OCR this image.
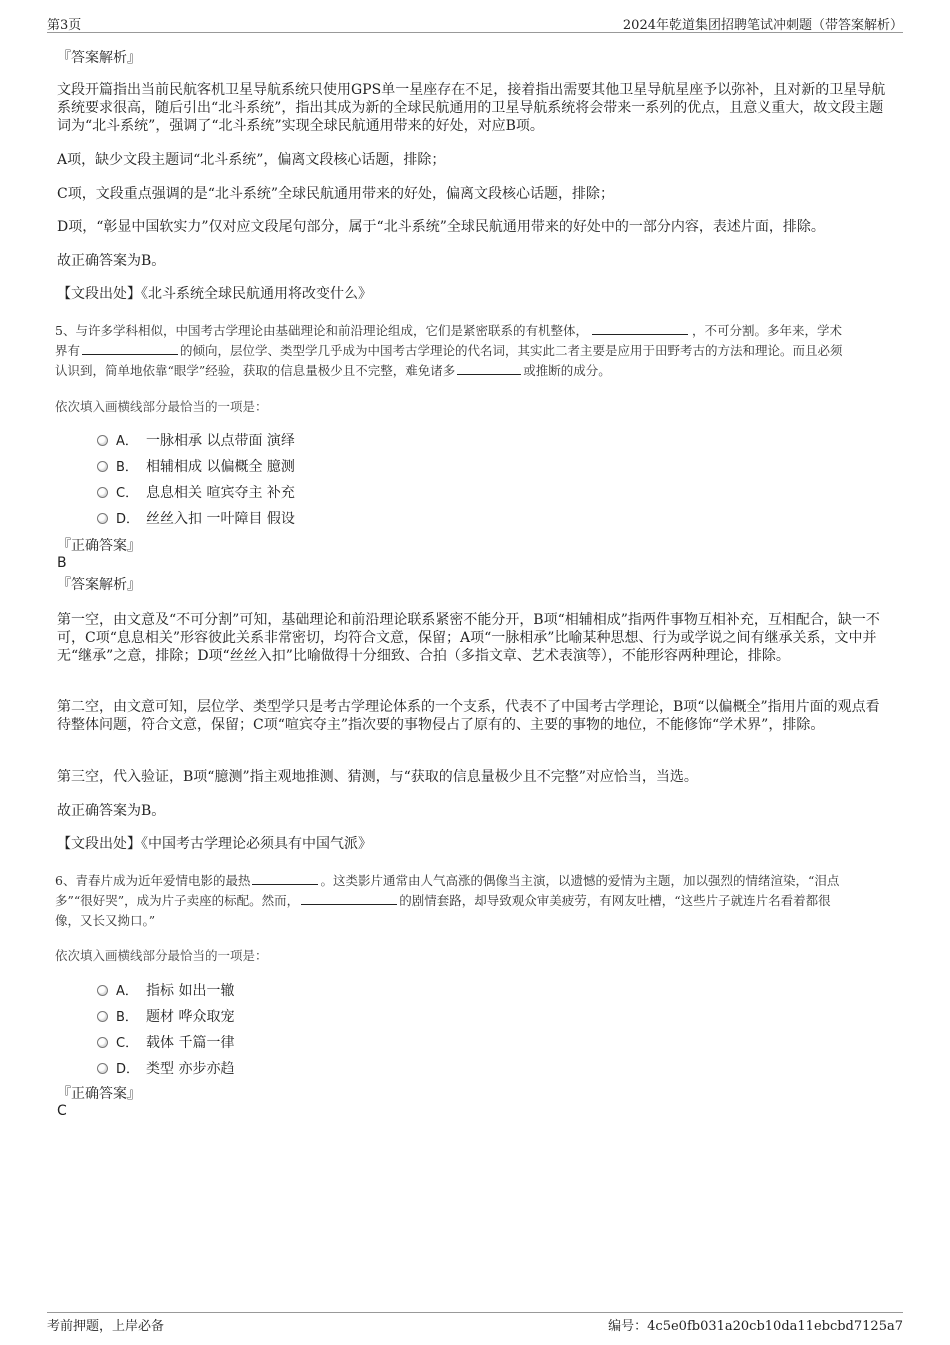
第3页	2024年乾道集团招聘笔试冲刺题（带答案解析）
『答案解析』
文段开篇指出当前民航客机卫星导航系统只使用GPS单一星座存在不足，接着指出需要其他卫星导航星座予以弥补，且对新的卫星导航系统要求很高，随后引出“北斗系统”，指出其成为新的全球民航通用的卫星导航系统将会带来一系列的优点，且意义重大，故文段主题词为“北斗系统”，强调了“北斗系统”实现全球民航通用带来的好处，对应B项。
A项，缺少文段主题词“北斗系统”，偏离文段核心话题，排除；
C项，文段重点强调的是“北斗系统”全球民航通用带来的好处，偏离文段核心话题，排除；
D项，“彰显中国软实力”仅对应文段尾句部分，属于“北斗系统”全球民航通用带来的好处中的一部分内容，表述片面，排除。
故正确答案为B。
【文段出处】《北斗系统全球民航通用将改变什么》
5、与许多学科相似，中国考古学理论由基础理论和前沿理论组成，它们是紧密联系的有机整体，	，不可分割。多年来，学术
界有	的倾向，层位学、类型学几乎成为中国考古学理论的代名词，其实此二者主要是应用于田野考古的方法和理论。而且必须
认识到，简单地依靠“眼学”经验，获取的信息量极少且不完整，难免诸多	或推断的成分。
依次填入画横线部分最恰当的一项是：
A． 一脉相承 以点带面 演绎
B． 相辅相成 以偏概全 臆测
C． 息息相关 喧宾夺主 补充
D． 丝丝入扣 一叶障目 假设
『正确答案』
B
『答案解析』
第一空，由文意及“不可分割”可知，基础理论和前沿理论联系紧密不能分开，B项“相辅相成”指两件事物互相补充，互相配合，缺一不可，C项“息息相关”形容彼此关系非常密切，均符合文意，保留；A项“一脉相承”比喻某种思想、行为或学说之间有继承关系，文中并无“继承”之意，排除；D项“丝丝入扣”比喻做得十分细致、合拍（多指文章、艺术表演等），不能形容两种理论，排除。
第二空，由文意可知，层位学、类型学只是考古学理论体系的一个支系，代表不了中国考古学理论，B项“以偏概全”指用片面的观点看待整体问题，符合文意，保留；C项“喧宾夺主”指次要的事物侵占了原有的、主要的事物的地位，不能修饰“学术界”，排除。
第三空，代入验证，B项“臆测”指主观地推测、猜测，与“获取的信息量极少且不完整”对应恰当，当选。
故正确答案为B。
【文段出处】《中国考古学理论必须具有中国气派》
6、青春片成为近年爱情电影的最热	。这类影片通常由人气高涨的偶像当主演，以遗憾的爱情为主题，加以强烈的情绪渲染，“泪点
多”“很好哭”，成为片子卖座的标配。然而，	的剧情套路，却导致观众审美疲劳，有网友吐槽，“这些片子就连片名看着都很
像，又长又拗口。”
依次填入画横线部分最恰当的一项是：
A． 指标 如出一辙
B． 题材 哗众取宠
C． 载体 千篇一律
D． 类型 亦步亦趋
『正确答案』
C
考前押题，上岸必备	编号：4c5e0fb031a20cb10da11ebcbd7125a7
